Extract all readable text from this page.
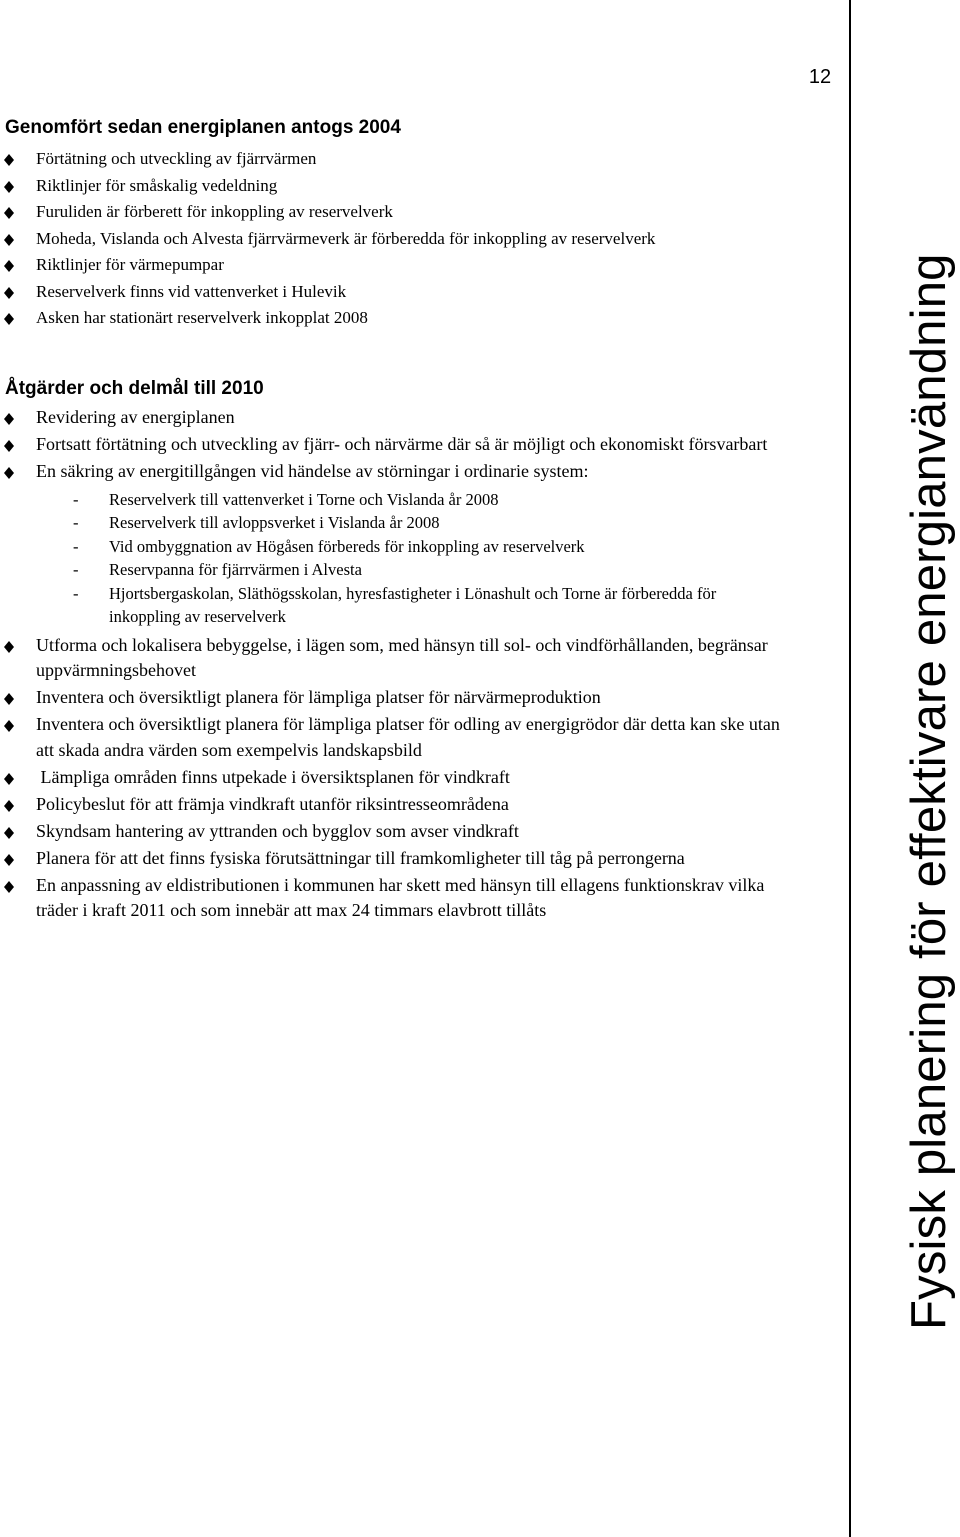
12
Fysisk planering för effektivare energianvändning
Genomfört sedan energiplanen antogs 2004
Förtätning och utveckling av fjärrvärmen
Riktlinjer för småskalig vedeldning
Furuliden är förberett för inkoppling av reservelverk
Moheda, Vislanda och Alvesta fjärrvärmeverk är förberedda för inkoppling av reservelverk
Riktlinjer för värmepumpar
Reservelverk finns vid vattenverket i Hulevik
Asken har stationärt reservelverk inkopplat 2008
Åtgärder och delmål till 2010
Revidering av energiplanen
Fortsatt förtätning och utveckling av fjärr- och närvärme där så är möjligt och ekonomiskt försvarbart
En säkring av energitillgången vid händelse av störningar i ordinarie system:
- Reservelverk till vattenverket i Torne och Vislanda år 2008
- Reservelverk till avloppsverket i Vislanda år 2008
- Vid ombyggnation av Högåsen förbereds för inkoppling av reservelverk
- Reservpanna för fjärrvärmen i Alvesta
- Hjortsbergaskolan, Släthögsskolan, hyresfastigheter i Lönashult och Torne är förberedda för inkoppling av reservelverk
Utforma och lokalisera bebyggelse, i lägen som, med hänsyn till sol- och vindförhållanden, begränsar uppvärmningsbehovet
Inventera och översiktligt planera för lämpliga platser för närvärmeproduktion
Inventera och översiktligt planera för lämpliga platser för odling av energigrödor där detta kan ske utan att skada andra värden som exempelvis landskapsbild
Lämpliga områden finns utpekade i översiktsplanen för vindkraft
Policybeslut för att främja vindkraft utanför riksintresseområdena
Skyndsam hantering av yttranden och bygglov som avser vindkraft
Planera för att det finns fysiska förutsättningar till framkomligheter till tåg på perrongerna
En anpassning av eldistributionen i kommunen har skett med hänsyn till ellagens funktionskrav vilka träder i kraft 2011 och som innebär att max 24 timmars elavbrott tillåts
